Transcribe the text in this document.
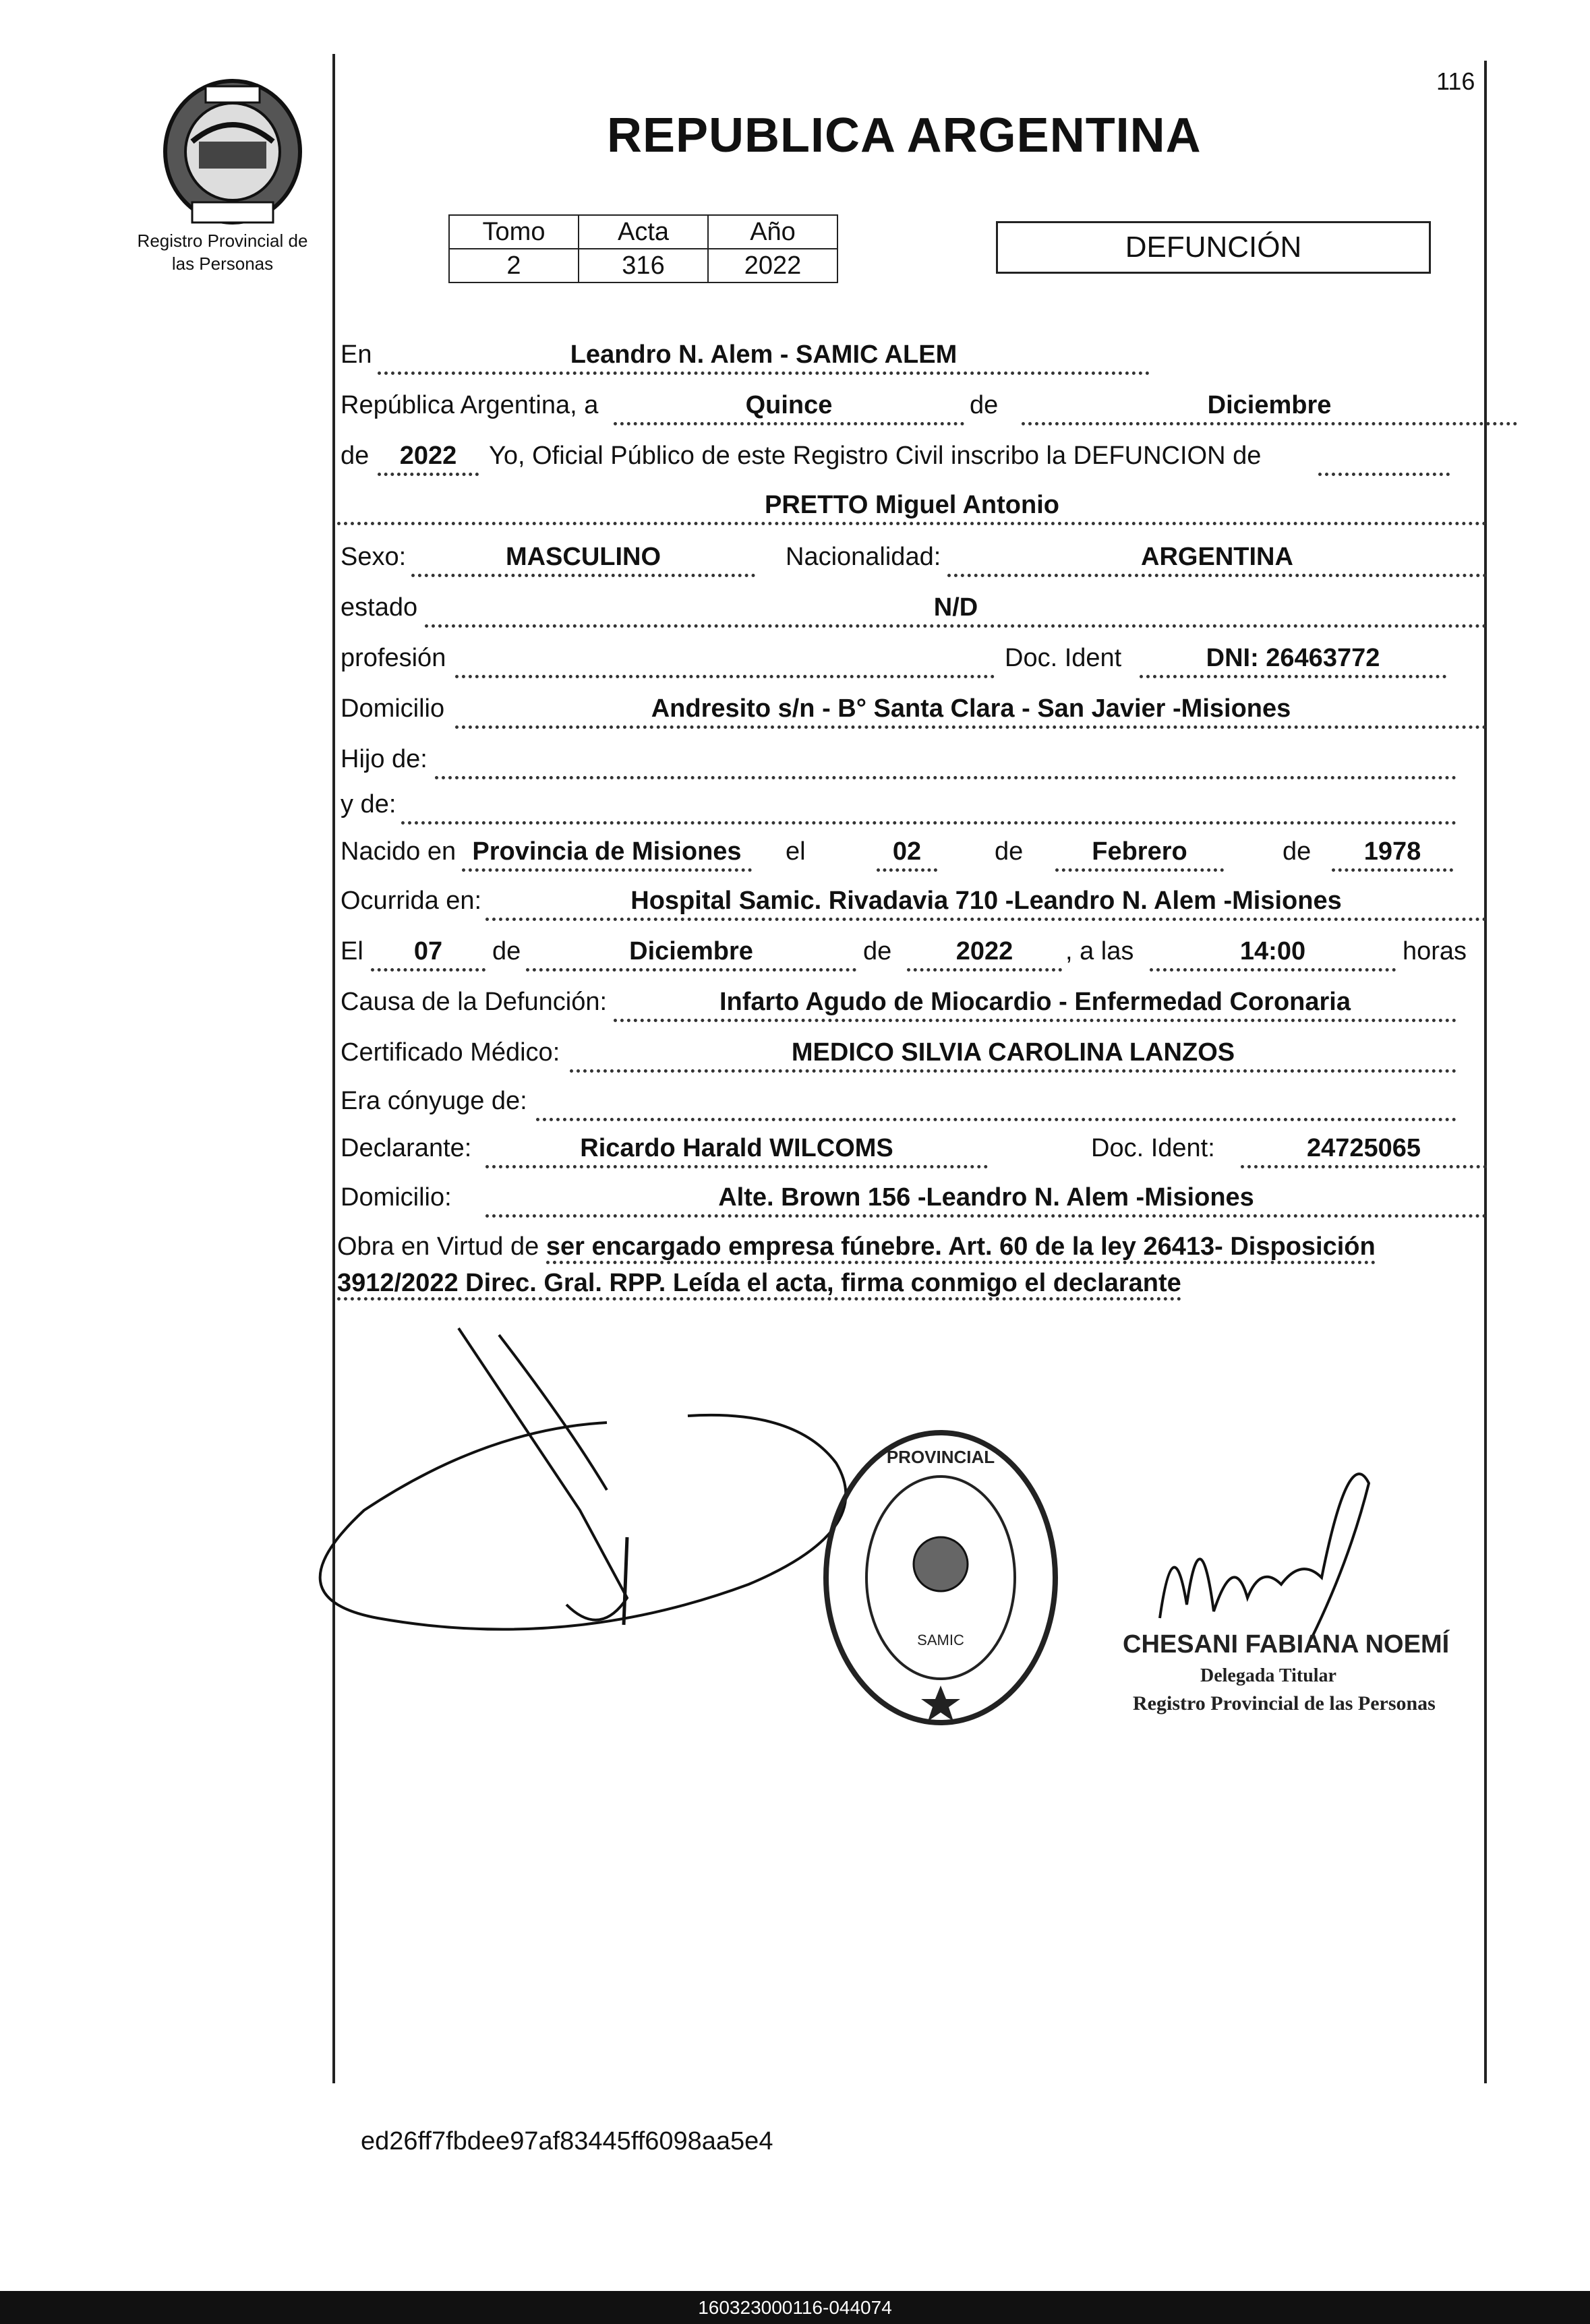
Registro Provincial de
las Personas
116
REPUBLICA ARGENTINA
Tomo	Acta	Año
2	316	2022
DEFUNCIÓN
En	Leandro N. Alem - SAMIC ALEM
República Argentina, a	Quince	de	Diciembre
de	2022	Yo, Oficial Público de este Registro Civil inscribo la DEFUNCION de
PRETTO Miguel Antonio
Sexo:	MASCULINO	Nacionalidad:	ARGENTINA
estado	N/D
profesión	Doc. Ident	DNI: 26463772
Domicilio	Andresito s/n - B° Santa Clara - San Javier -Misiones
Hijo de:
y de:
Nacido en Provincia de Misiones	el	02	de	Febrero	de	1978
Ocurrida en:	Hospital Samic. Rivadavia 710 -Leandro N. Alem -Misiones
El	07	de	Diciembre	de	2022	, a las	14:00	horas
Causa de la Defunción:	Infarto Agudo de Miocardio - Enfermedad Coronaria
Certificado Médico:	MEDICO SILVIA CAROLINA LANZOS
Era cónyuge de:
Declarante:	Ricardo Harald WILCOMS	Doc. Ident:	24725065
Domicilio:	Alte. Brown 156 -Leandro N. Alem -Misiones
Obra en Virtud de ser encargado empresa fúnebre. Art. 60 de la ley 26413- Disposición
3912/2022 Direc. Gral. RPP. Leída el acta, firma conmigo el declarante
PROVINCIAL
SAMIC	CHESANI FABIANA NOEMÍ
Delegada Titular
Registro Provincial de las Personas
ed26ff7fbdee97af83445ff6098aa5e4
160323000116-044074
